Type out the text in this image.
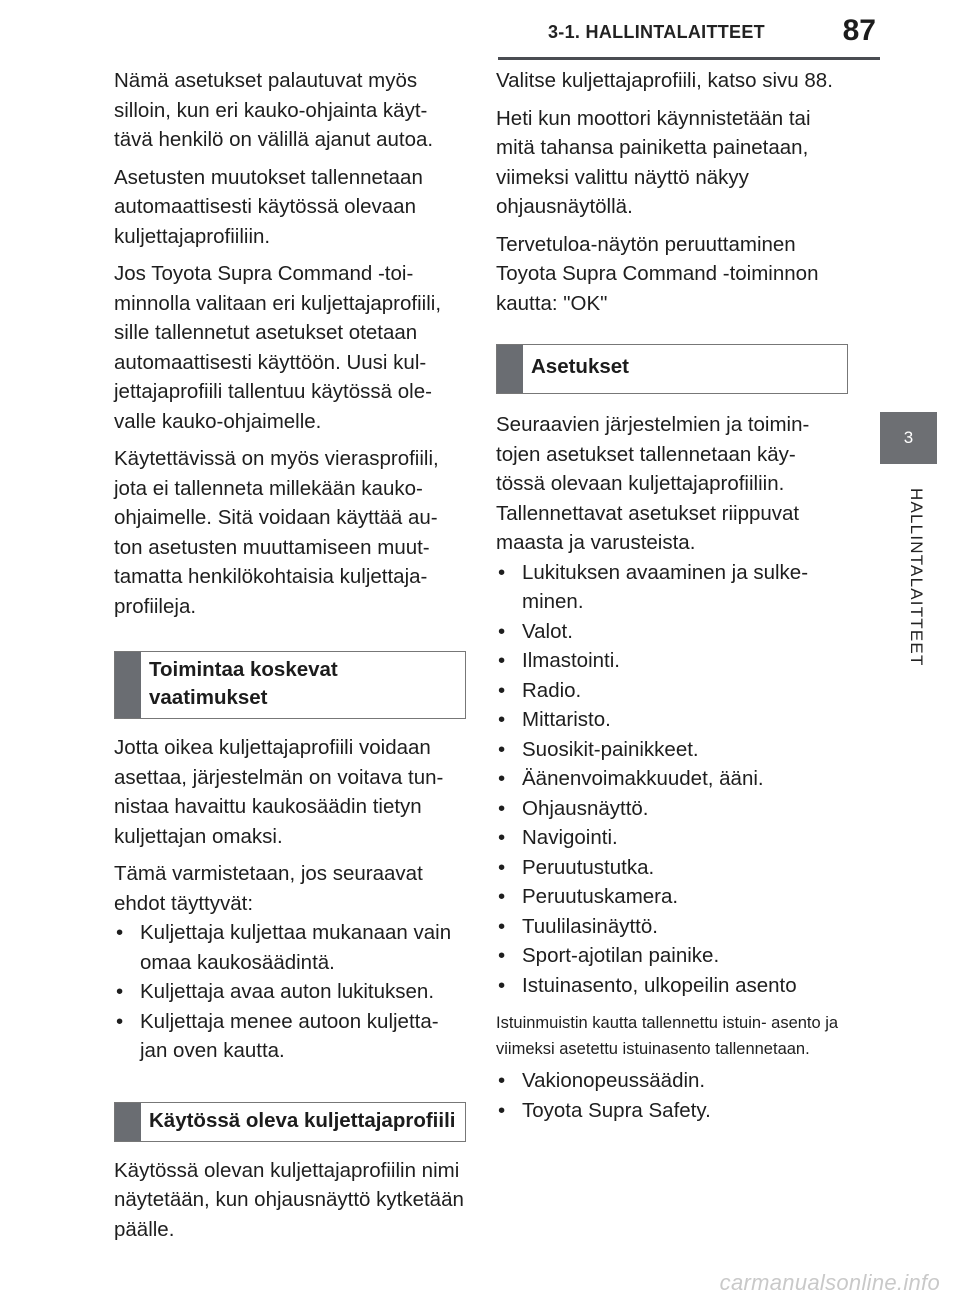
3-1. HALLINTALAITTEET	87
3
HALLINTALAITTEET

Nämä asetukset palautuvat myös silloin, kun eri kauko-ohjainta käyt- tävä henkilö on välillä ajanut autoa.

Asetusten muutokset tallennetaan automaattisesti käytössä olevaan kuljettajaprofiiliin.

Jos Toyota Supra Command -toi- minnolla valitaan eri kuljettajaprofiili, sille tallennetut asetukset otetaan automaattisesti käyttöön. Uusi kul- jettajaprofiili tallentuu käytössä ole- valle kauko-ohjaimelle.

Käytettävissä on myös vierasprofiili, jota ei tallenneta millekään kauko- ohjaimelle. Sitä voidaan käyttää au- ton asetusten muuttamiseen muut- tamatta henkilökohtaisia kuljettaja- profiileja.

Toimintaa koskevat vaatimukset

Jotta oikea kuljettajaprofiili voidaan asettaa, järjestelmän on voitava tun- nistaa havaittu kaukosäädin tietyn kuljettajan omaksi.

Tämä varmistetaan, jos seuraavat ehdot täyttyvät:

• Kuljettaja kuljettaa mukanaan vain omaa kaukosäädintä.
• Kuljettaja avaa auton lukituksen.
• Kuljettaja menee autoon kuljetta- jan oven kautta.
Käytössä oleva kuljettajaprofiili

Käytössä olevan kuljettajaprofiilin nimi näytetään, kun ohjausnäyttö kytketään päälle.

Valitse kuljettajaprofiili, katso sivu 88.

Heti kun moottori käynnistetään tai mitä tahansa painiketta painetaan, viimeksi valittu näyttö näkyy ohjausnäytöllä.

Tervetuloa-näytön peruuttaminen Toyota Supra Command -toiminnon kautta: "OK"

Asetukset

Seuraavien järjestelmien ja toimin- tojen asetukset tallennetaan käy- tössä olevaan kuljettajaprofiiliin. Tallennettavat asetukset riippuvat maasta ja varusteista.

• Lukituksen avaaminen ja sulke- minen.
• Valot.
• Ilmastointi.
• Radio.
• Mittaristo.
• Suosikit-painikkeet.
• Äänenvoimakkuudet, ääni.
• Ohjausnäyttö.
• Navigointi.
• Peruutustutka.
• Peruutuskamera.
• Tuulilasinäyttö.
• Sport-ajotilan painike.
• Istuinasento, ulkopeilin asento

Istuinmuistin kautta tallennettu istuin- asento ja viimeksi asetettu istuinasento tallennetaan.

• Vakionopeussäädin.
• Toyota Supra Safety.
carmanualsonline.info
